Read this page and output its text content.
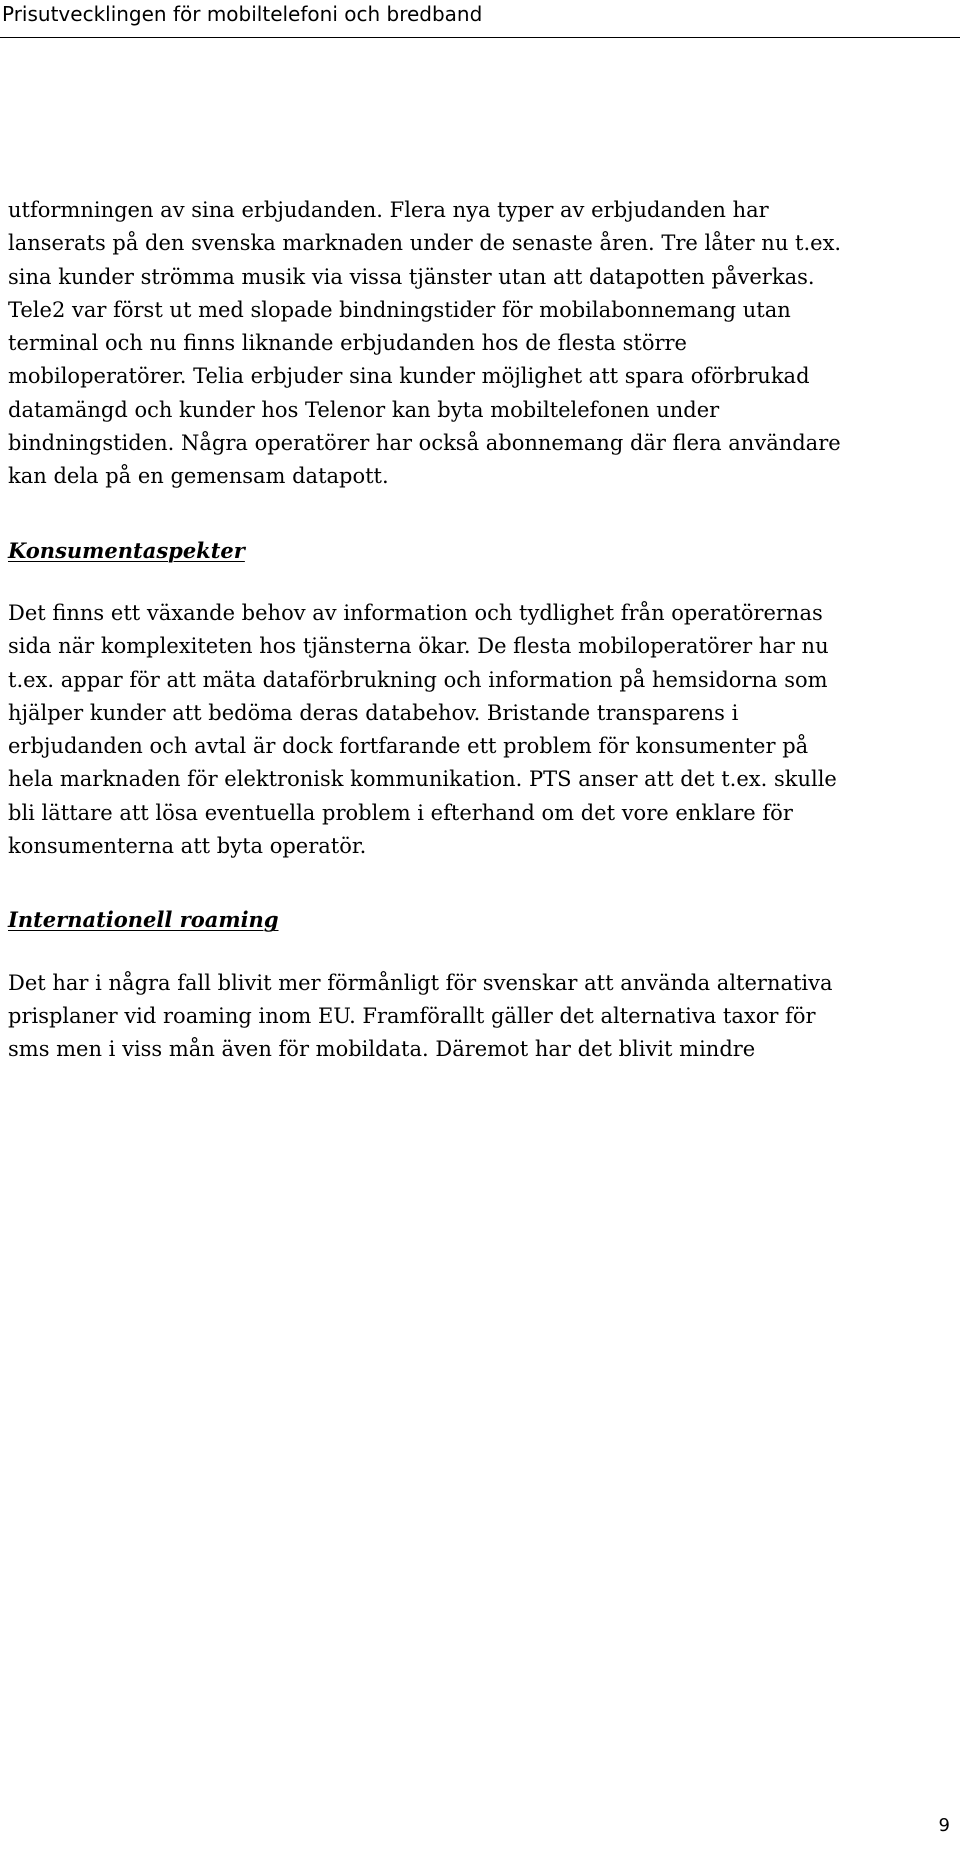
Prisutvecklingen för mobiltelefoni och bredband

utformningen av sina erbjudanden. Flera nya typer av erbjudanden har
lanserats på den svenska marknaden under de senaste åren. Tre låter nu t.ex.
sina kunder strömma musik via vissa tjänster utan att datapotten påverkas.
Tele2 var först ut med slopade bindningstider för mobilabonnemang utan
terminal och nu finns liknande erbjudanden hos de flesta större
mobiloperatörer. Telia erbjuder sina kunder möjlighet att spara oförbrukad
datamängd och kunder hos Telenor kan byta mobiltelefonen under
bindningstiden. Några operatörer har också abonnemang där flera användare
kan dela på en gemensam datapott.

Konsumentaspekter

Det finns ett växande behov av information och tydlighet från operatörernas
sida när komplexiteten hos tjänsterna ökar. De flesta mobiloperatörer har nu
t.ex. appar för att mäta dataförbrukning och information på hemsidorna som
hjälper kunder att bedöma deras databehov. Bristande transparens i
erbjudanden och avtal är dock fortfarande ett problem för konsumenter på
hela marknaden för elektronisk kommunikation. PTS anser att det t.ex. skulle
bli lättare att lösa eventuella problem i efterhand om det vore enklare för
konsumenterna att byta operatör.

Internationell roaming

Det har i några fall blivit mer förmånligt för svenskar att använda alternativa
prisplaner vid roaming inom EU. Framförallt gäller det alternativa taxor för
sms men i viss mån även för mobildata. Däremot har det blivit mindre

9
